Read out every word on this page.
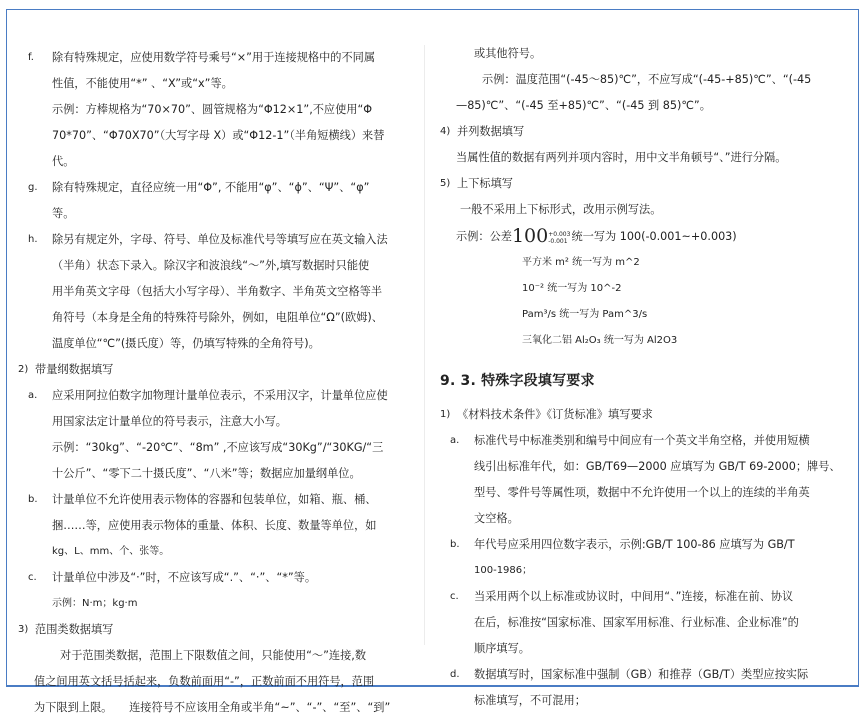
f. 除有特殊规定，应使用数学符号乘号“×”用于连接规格中的不同属
性值，不能使用“*” 、“X”或“x”等。
示例：方棒规格为“70×70”、圆管规格为“Φ12×1”,不应使用“Φ
70*70”、“Φ70X70”（大写字母 X）或“Φ12-1”（半角短横线）来替
代。
g. 除有特殊规定，直径应统一用“Φ”, 不能用“φ”、“ϕ”、“Ψ”、“φ”
等。
h. 除另有规定外，字母、符号、单位及标准代号等填写应在英文输入法
（半角）状态下录入。除汉字和波浪线“～”外,填写数据时只能使
用半角英文字母（包括大小写字母）、半角数字、半角英文空格等半
角符号（本身是全角的特殊符号除外，例如，电阻单位“Ω”(欧姆)、
温度单位“℃”(摄氏度）等，仍填写特殊的全角符号)。
2) 带量纲数据填写
a. 应采用阿拉伯数字加物理计量单位表示，不采用汉字，计量单位应使
用国家法定计量单位的符号表示，注意大小写。
示例：“30kg”、“-20℃”、“8m” ,不应该写成“30Kg”/“30KG/“三
十公斤”、“零下二十摄氏度”、“八米”等；数据应加量纲单位。
b. 计量单位不允许使用表示物体的容器和包装单位，如箱、瓶、桶、
捆……等，应使用表示物体的重量、体积、长度、数量等单位，如
kg、L、mm、个、张等。
c. 计量单位中涉及“·”时，不应该写成“.”、“·”、“*”等。
示例：N·m；kg·m
3) 范围类数据填写
对于范围类数据，范围上下限数值之间，只能使用“～”连接,数
值之间用英文括号括起来，负数前面用“-”，正数前面不用符号，范围
为下限到上限。　　连接符号不应该用全角或半角“~”、“-”、“至”、“到”
或其他符号。
示例：温度范围“(-45～85)℃”，不应写成“(-45-+85)℃”、“(-45
—85)℃”、“(-45 至+85)℃”、“(-45 到 85)℃”。
4) 并列数据填写
当属性值的数据有两列并项内容时，用中文半角顿号“、”进行分隔。
5) 上下标填写
一般不采用上下标形式，改用示例写法。
示例：公差100 +0.003
-0.001 统一写为 100(-0.001~+0.003)
平方米 m² 统一写为 m^2
10⁻² 统一写为 10^-2
Pam³/s 统一写为 Pam^3/s
三氧化二铝 Al₂O₃ 统一写为 Al2O3
9. 3. 特殊字段填写要求
1) 《材料技术条件》《订货标准》填写要求
a. 标准代号中标准类别和编号中间应有一个英文半角空格，并使用短横
线引出标准年代，如：GB/T69—2000 应填写为 GB/T 69-2000；牌号、
型号、零件号等属性项，数据中不允许使用一个以上的连续的半角英
文空格。
b. 年代号应采用四位数字表示，示例:GB/T 100-86 应填写为 GB/T
100-1986；
c. 当采用两个以上标准或协议时，中间用“、”连接，标准在前、协议
在后，标准按“国家标准、国家军用标准、行业标准、企业标准”的
顺序填写。
d. 数据填写时，国家标准中强制（GB）和推荐（GB/T）类型应按实际
标准填写，不可混用；
